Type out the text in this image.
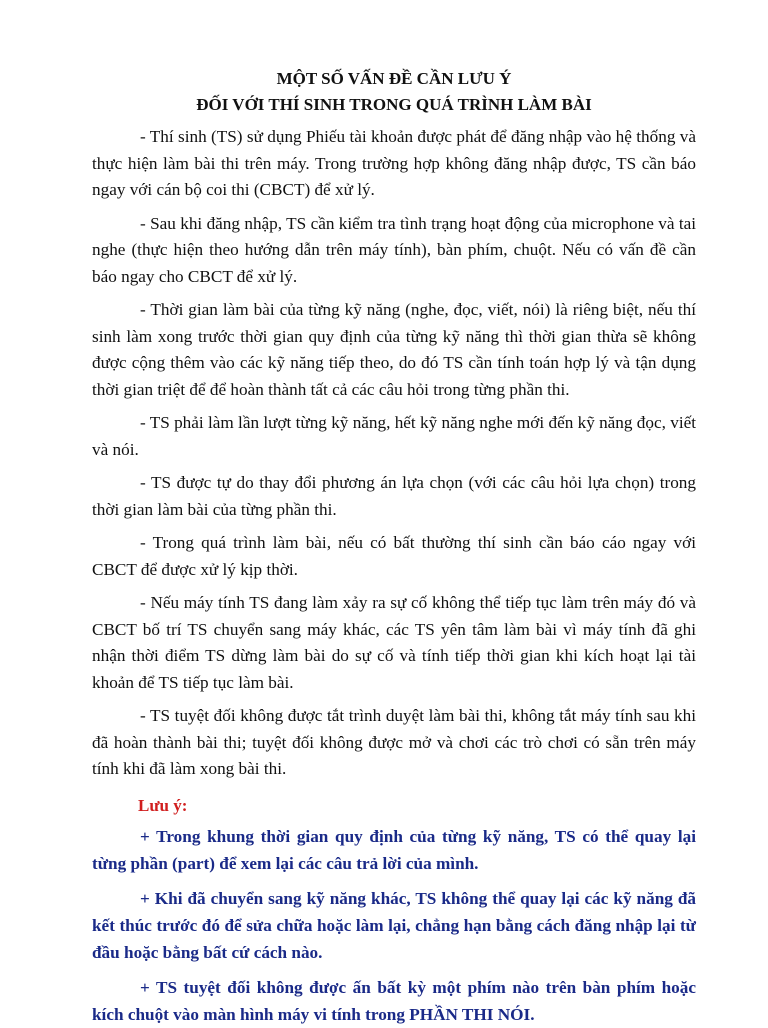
MỘT SỐ VẤN ĐỀ CẦN LƯU Ý
ĐỐI VỚI THÍ SINH TRONG QUÁ TRÌNH LÀM BÀI

- Thí sinh (TS) sử dụng Phiếu tài khoản được phát để đăng nhập vào hệ thống và thực hiện làm bài thi trên máy. Trong trường hợp không đăng nhập được, TS cần báo ngay với cán bộ coi thi (CBCT) để xử lý.

- Sau khi đăng nhập, TS cần kiểm tra tình trạng hoạt động của microphone và tai nghe (thực hiện theo hướng dẫn trên máy tính), bàn phím, chuột. Nếu có vấn đề cần báo ngay cho CBCT để xử lý.

- Thời gian làm bài của từng kỹ năng (nghe, đọc, viết, nói) là riêng biệt, nếu thí sinh làm xong trước thời gian quy định của từng kỹ năng thì thời gian thừa sẽ không được cộng thêm vào các kỹ năng tiếp theo, do đó TS cần tính toán hợp lý và tận dụng thời gian triệt để để hoàn thành tất cả các câu hỏi trong từng phần thi.

- TS phải làm lần lượt từng kỹ năng, hết kỹ năng nghe mới đến kỹ năng đọc, viết và nói.

- TS được tự do thay đổi phương án lựa chọn (với các câu hỏi lựa chọn) trong thời gian làm bài của từng phần thi.

- Trong quá trình làm bài, nếu có bất thường thí sinh cần báo cáo ngay với CBCT để được xử lý kịp thời.

- Nếu máy tính TS đang làm xảy ra sự cố không thể tiếp tục làm trên máy đó và CBCT bố trí TS chuyển sang máy khác, các TS yên tâm làm bài vì máy tính đã ghi nhận thời điểm TS dừng làm bài do sự cố và tính tiếp thời gian khi kích hoạt lại tài khoản để TS tiếp tục làm bài.

- TS tuyệt đối không được tắt trình duyệt làm bài thi, không tắt máy tính sau khi đã hoàn thành bài thi; tuyệt đối không được mở và chơi các trò chơi có sẵn trên máy tính khi đã làm xong bài thi.

Lưu ý:

+ Trong khung thời gian quy định của từng kỹ năng, TS có thể quay lại từng phần (part) để xem lại các câu trả lời của mình.

+ Khi đã chuyển sang kỹ năng khác, TS không thể quay lại các kỹ năng đã kết thúc trước đó để sửa chữa hoặc làm lại, chẳng hạn bằng cách đăng nhập lại từ đầu hoặc bằng bất cứ cách nào.

+ TS tuyệt đối không được ấn bất kỳ một phím nào trên bàn phím hoặc kích chuột vào màn hình máy vi tính trong PHẦN THI NÓI.
